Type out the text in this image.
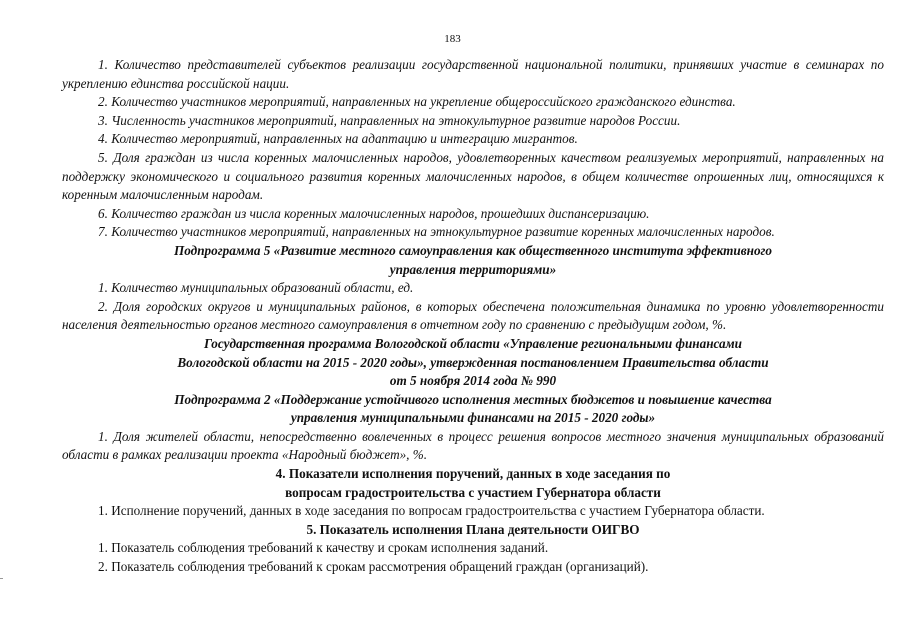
183

1. Количество представителей субъектов реализации государственной национальной политики, принявших участие в семинарах по укреплению единства российской нации.

2. Количество участников мероприятий, направленных на укрепление общероссийского гражданского единства.

3. Численность участников мероприятий, направленных на этнокультурное развитие народов России.

4. Количество мероприятий, направленных на адаптацию и интеграцию мигрантов.

5. Доля граждан из числа коренных малочисленных народов, удовлетворенных качеством реализуемых мероприятий, направленных на поддержку экономического и социального развития коренных малочисленных народов, в общем количестве опрошенных лиц, относящихся к коренным малочисленным народам.

6. Количество граждан из числа коренных малочисленных народов, прошедших диспансеризацию.

7. Количество участников мероприятий, направленных на этнокультурное развитие коренных малочисленных народов.

Подпрограмма 5 «Развитие местного самоуправления как общественного института эффективного

управления территориями»

1. Количество муниципальных образований области, ед.

2. Доля городских округов и муниципальных районов, в которых обеспечена положительная динамика по уровню удовлетворенности населения деятельностью органов местного самоуправления в отчетном году по сравнению с предыдущим годом, %.

Государственная программа Вологодской области «Управление региональными финансами

Вологодской области на 2015 - 2020 годы», утвержденная постановлением Правительства области

от 5 ноября 2014 года № 990

Подпрограмма 2 «Поддержание устойчивого исполнения местных бюджетов и повышение качества

управления муниципальными финансами на 2015 - 2020 годы»

1. Доля жителей области, непосредственно вовлеченных в процесс решения вопросов местного значения муниципальных образований области в рамках реализации проекта «Народный бюджет», %.

4. Показатели исполнения поручений, данных в ходе заседания по

вопросам градостроительства с участием Губернатора области

1. Исполнение поручений, данных в ходе заседания по вопросам градостроительства с участием Губернатора области.

5. Показатель исполнения Плана деятельности ОИГВО

1. Показатель соблюдения требований к качеству и срокам исполнения заданий.

2. Показатель соблюдения требований к срокам рассмотрения обращений граждан (организаций).
